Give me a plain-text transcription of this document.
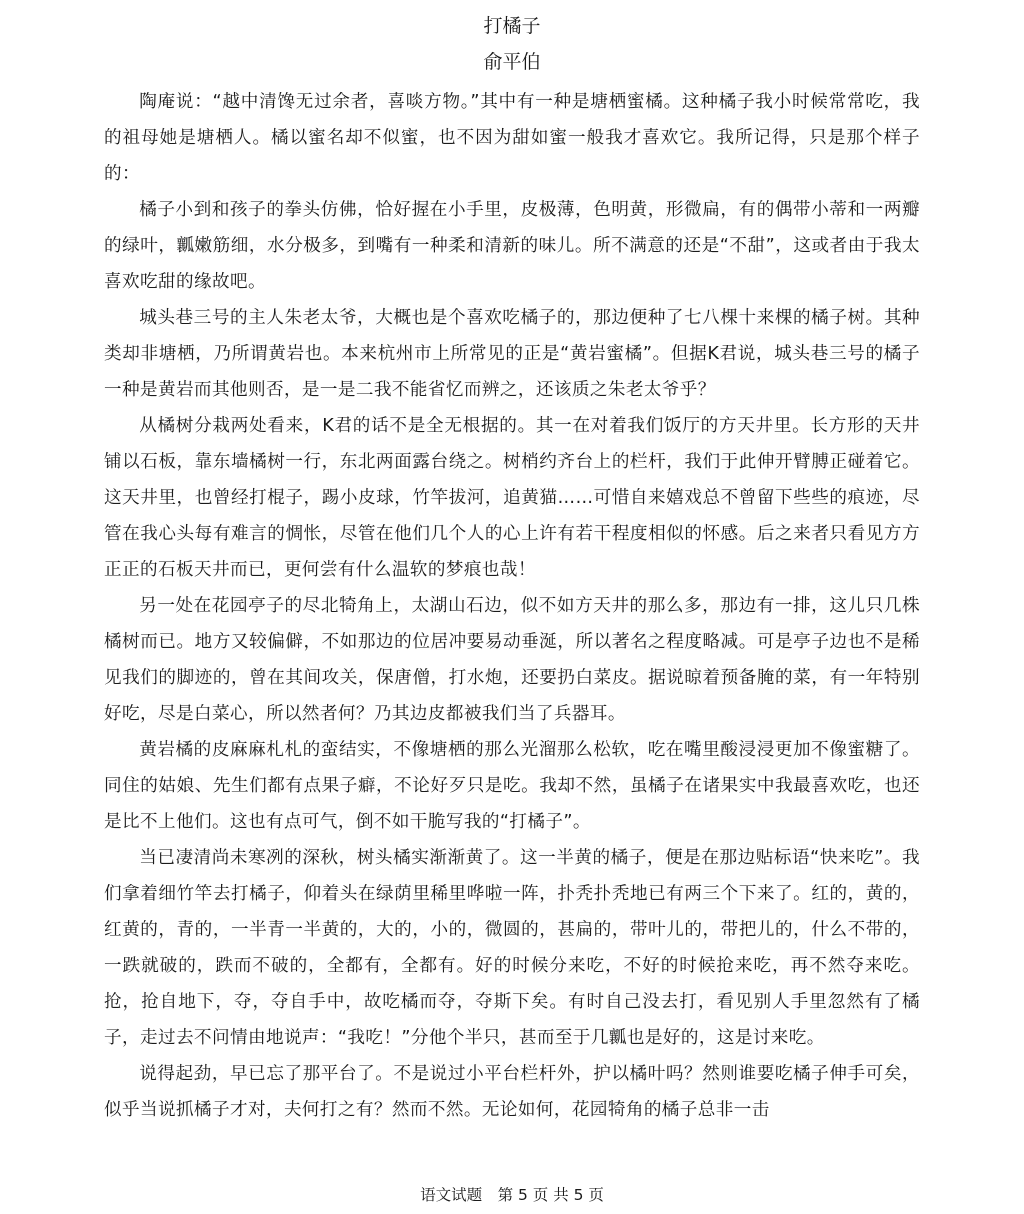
打橘子
俞平伯

陶庵说：“越中清馋无过余者，喜啖方物。”其中有一种是塘栖蜜橘。这种橘子我小时候常常吃，我的祖母她是塘栖人。橘以蜜名却不似蜜，也不因为甜如蜜一般我才喜欢它。我所记得，只是那个样子的：

橘子小到和孩子的拳头仿佛，恰好握在小手里，皮极薄，色明黄，形微扁，有的偶带小蒂和一两瓣的绿叶，瓤嫩筋细，水分极多，到嘴有一种柔和清新的味儿。所不满意的还是“不甜”，这或者由于我太喜欢吃甜的缘故吧。

城头巷三号的主人朱老太爷，大概也是个喜欢吃橘子的，那边便种了七八棵十来棵的橘子树。其种类却非塘栖，乃所谓黄岩也。本来杭州市上所常见的正是“黄岩蜜橘”。但据K君说，城头巷三号的橘子一种是黄岩而其他则否，是一是二我不能省忆而辨之，还该质之朱老太爷乎？

从橘树分栽两处看来，K君的话不是全无根据的。其一在对着我们饭厅的方天井里。长方形的天井铺以石板，靠东墙橘树一行，东北两面露台绕之。树梢约齐台上的栏杆，我们于此伸开臂膊正碰着它。这天井里，也曾经打棍子，踢小皮球，竹竿拔河，追黄猫……可惜自来嬉戏总不曾留下些些的痕迹，尽管在我心头每有难言的惆怅，尽管在他们几个人的心上许有若干程度相似的怀感。后之来者只看见方方正正的石板天井而已，更何尝有什么温软的梦痕也哉！

另一处在花园亭子的尽北犄角上，太湖山石边，似不如方天井的那么多，那边有一排，这儿只几株橘树而已。地方又较偏僻，不如那边的位居冲要易动垂涎，所以著名之程度略减。可是亭子边也不是稀见我们的脚迹的，曾在其间攻关，保唐僧，打水炮，还要扔白菜皮。据说晾着预备腌的菜，有一年特别好吃，尽是白菜心，所以然者何？乃其边皮都被我们当了兵器耳。

黄岩橘的皮麻麻札札的蛮结实，不像塘栖的那么光溜那么松软，吃在嘴里酸浸浸更加不像蜜糖了。同住的姑娘、先生们都有点果子癖，不论好歹只是吃。我却不然，虽橘子在诸果实中我最喜欢吃，也还是比不上他们。这也有点可气，倒不如干脆写我的“打橘子”。

当已凄清尚未寒冽的深秋，树头橘实渐渐黄了。这一半黄的橘子，便是在那边贴标语“快来吃”。我们拿着细竹竿去打橘子，仰着头在绿荫里稀里哗啦一阵，扑秃扑秃地已有两三个下来了。红的，黄的，红黄的，青的，一半青一半黄的，大的，小的，微圆的，甚扁的，带叶儿的，带把儿的，什么不带的，一跌就破的，跌而不破的，全都有，全都有。好的时候分来吃，不好的时候抢来吃，再不然夺来吃。抢，抢自地下，夺，夺自手中，故吃橘而夺，夺斯下矣。有时自己没去打，看见别人手里忽然有了橘子，走过去不问情由地说声：“我吃！”分他个半只，甚而至于几瓤也是好的，这是讨来吃。

说得起劲，早已忘了那平台了。不是说过小平台栏杆外，护以橘叶吗？然则谁要吃橘子伸手可矣，似乎当说抓橘子才对，夫何打之有？然而不然。无论如何，花园犄角的橘子总非一击

语文试题　第 5 页 共 5 页
